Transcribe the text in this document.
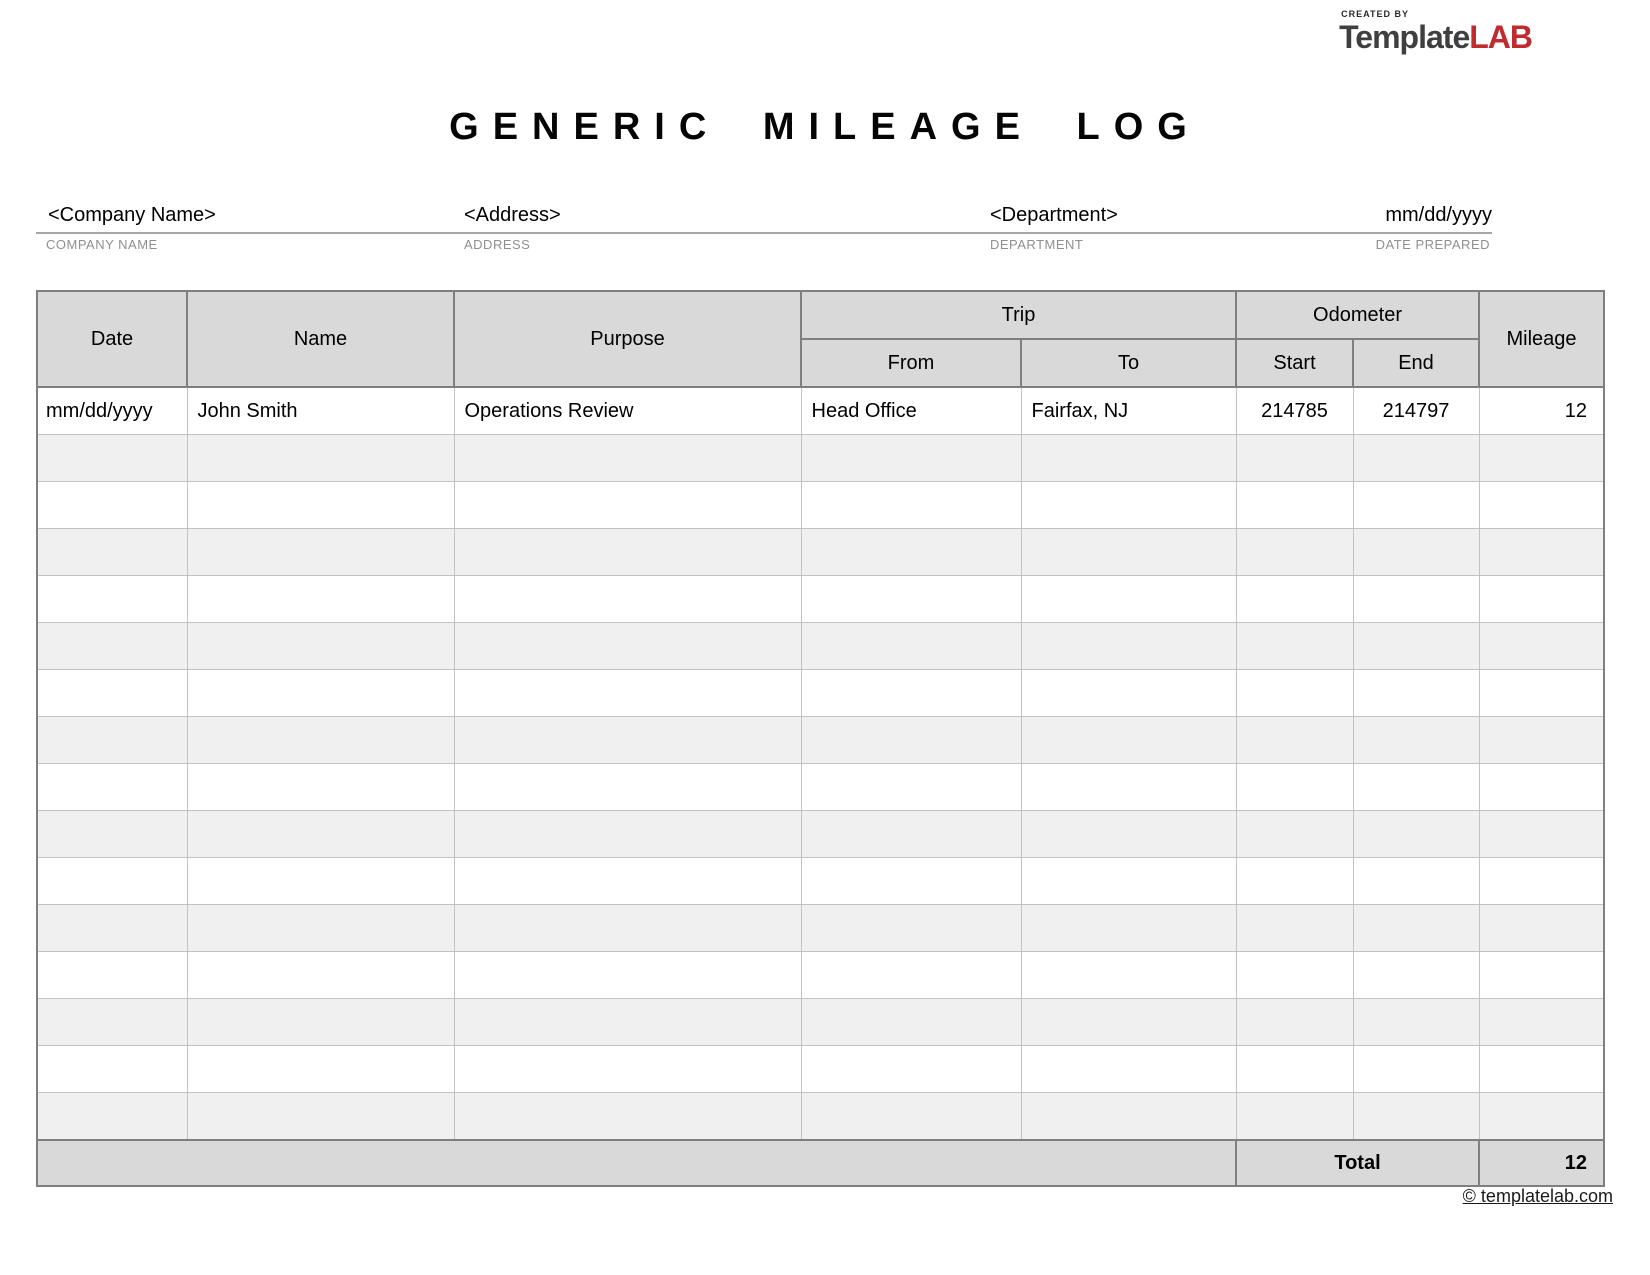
CREATED BY
TemplateLAB
GENERIC MILEAGE LOG
<Company Name>	<Address>	<Department>	mm/dd/yyyy
COMPANY NAME	ADDRESS	DEPARTMENT	DATE PREPARED
Date	Name	Purpose	Trip		Odometer		Mileage
			From	To	Start	End	
mm/dd/yyyy	John Smith	Operations Review	Head Office	Fairfax, NJ	214785	214797	12

					Total		12
© templatelab.com
